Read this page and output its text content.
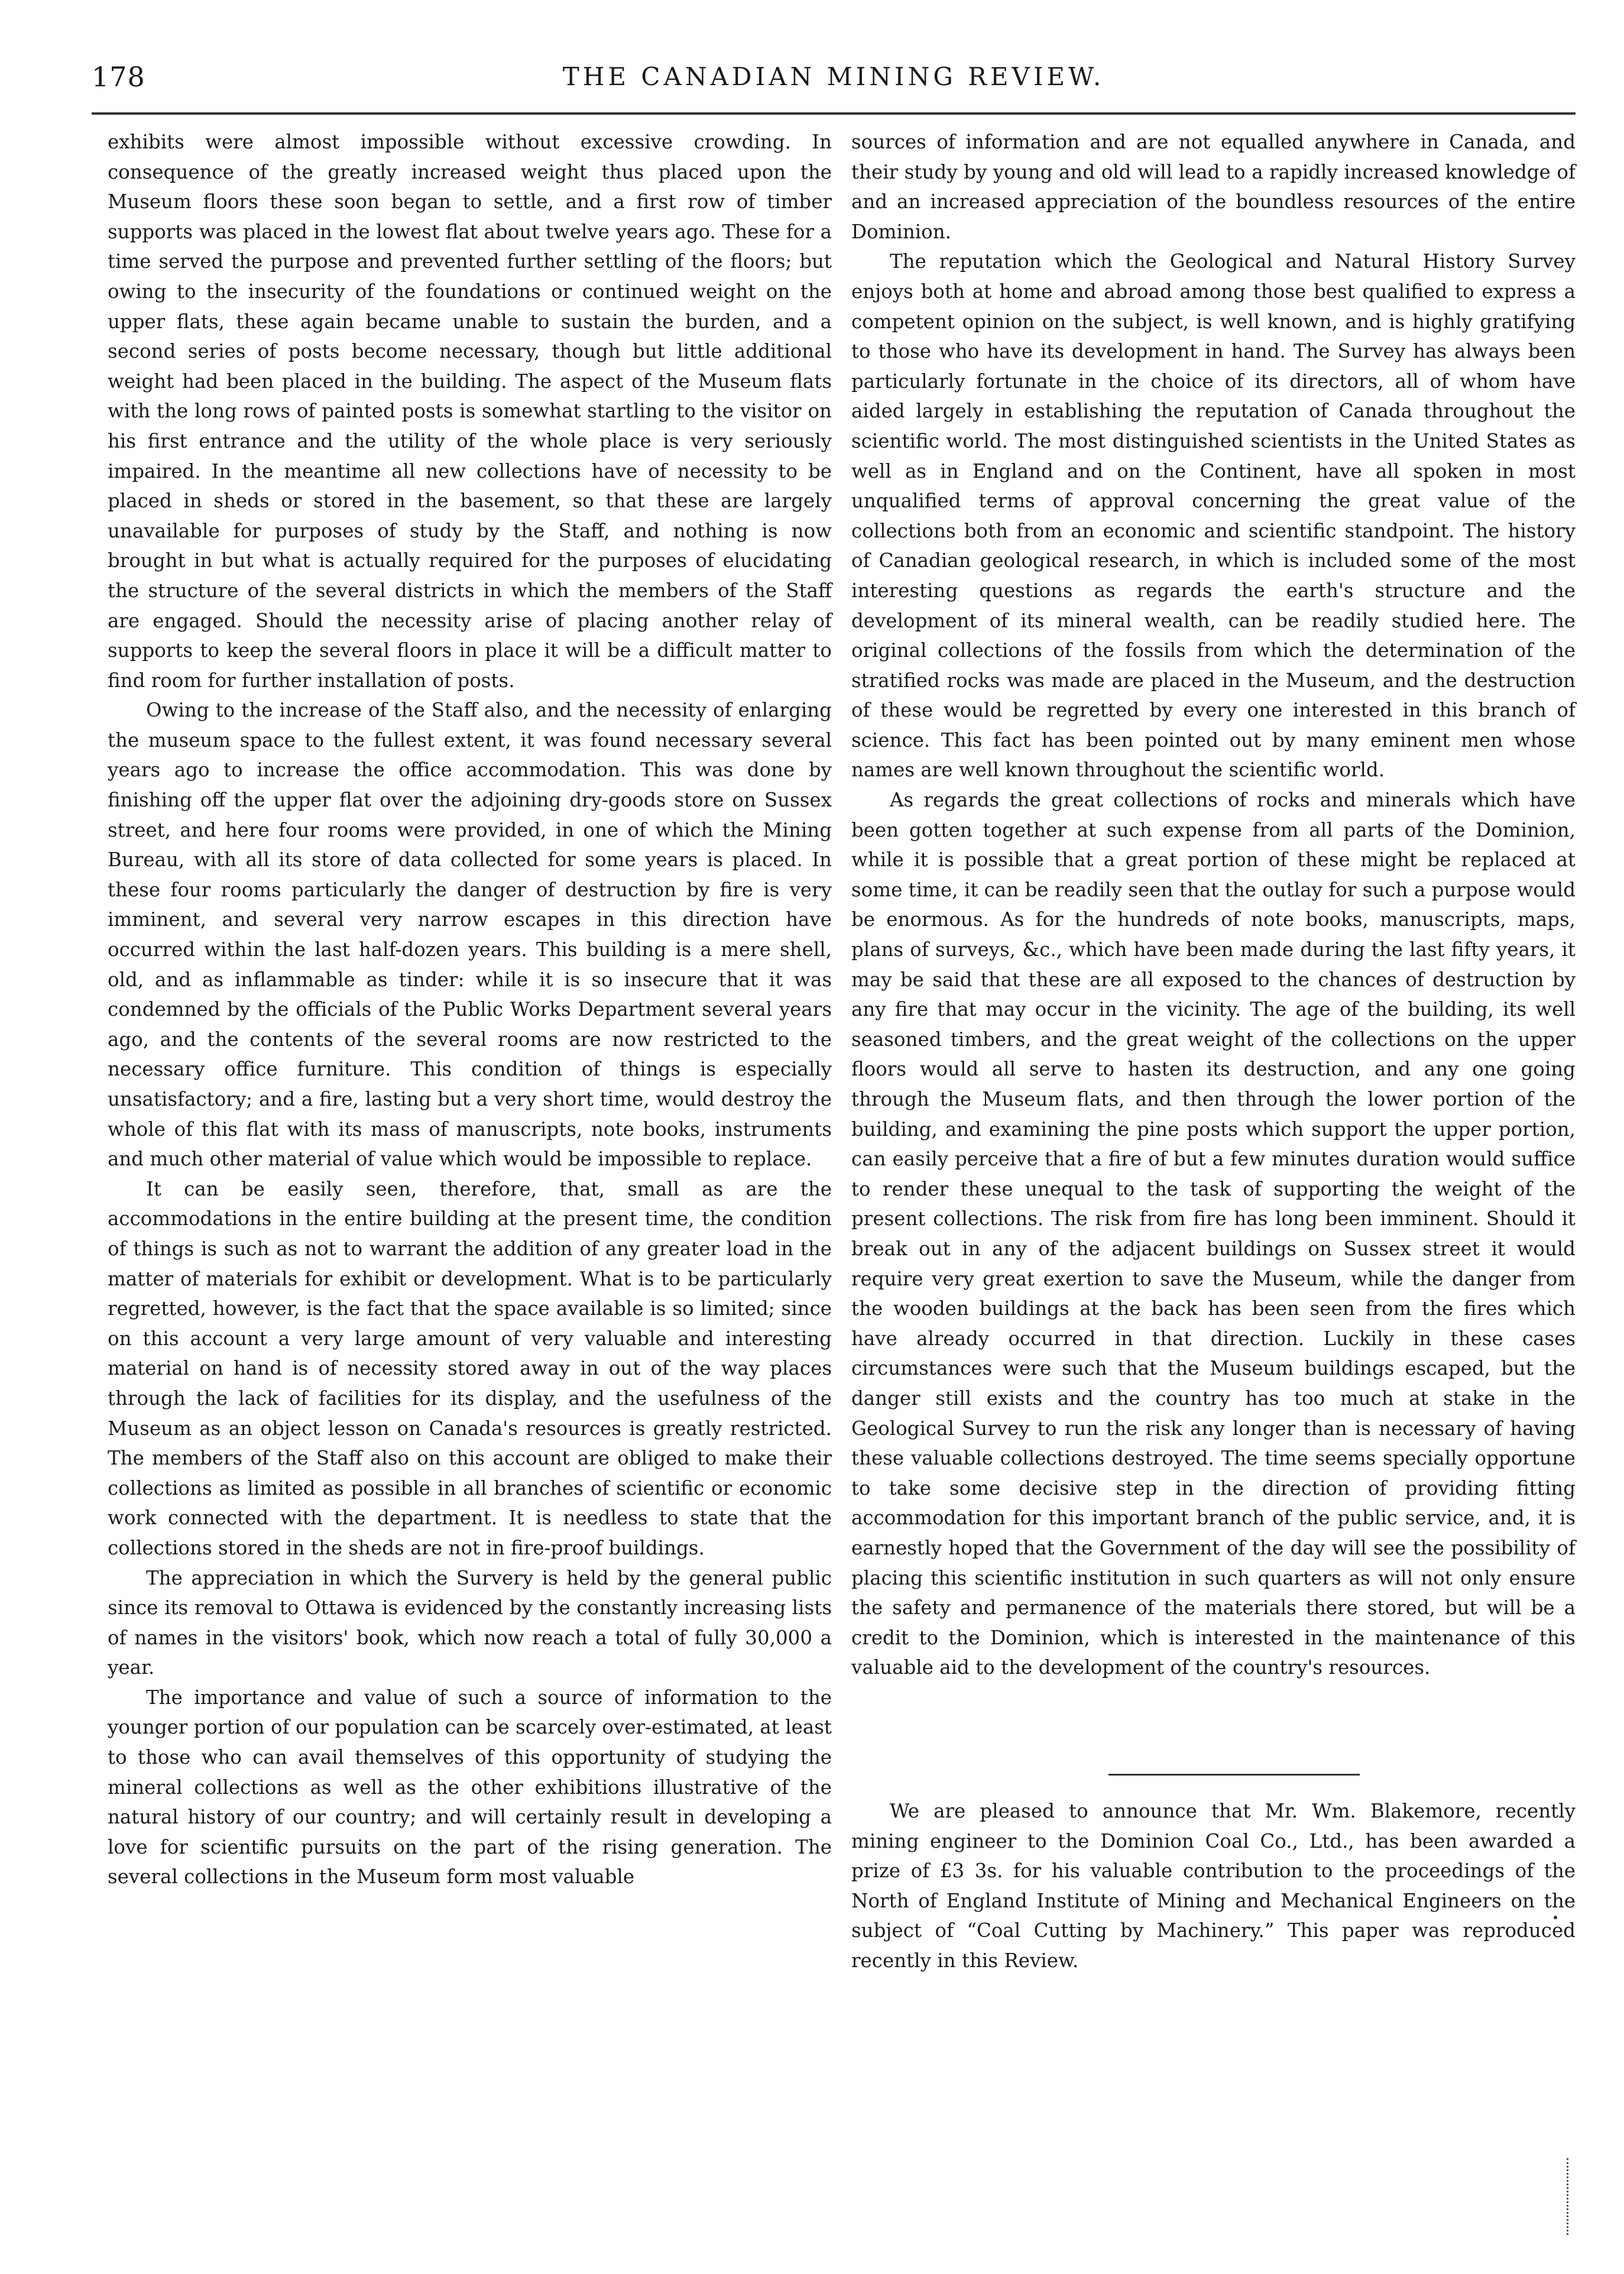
178	THE CANADIAN MINING REVIEW.

exhibits were almost impossible without excessive crowding. In consequence of the greatly increased weight thus placed upon the Museum floors these soon began to settle, and a first row of timber supports was placed in the lowest flat about twelve years ago. These for a time served the purpose and prevented further settling of the floors; but owing to the insecurity of the foundations or continued weight on the upper flats, these again became unable to sustain the burden, and a second series of posts become necessary, though but little additional weight had been placed in the building. The aspect of the Museum flats with the long rows of painted posts is somewhat startling to the visitor on his first entrance and the utility of the whole place is very seriously impaired. In the meantime all new collections have of necessity to be placed in sheds or stored in the basement, so that these are largely unavailable for purposes of study by the Staff, and nothing is now brought in but what is actually required for the purposes of elucidating the structure of the several districts in which the members of the Staff are engaged. Should the necessity arise of placing another relay of supports to keep the several floors in place it will be a difficult matter to find room for further installation of posts.

Owing to the increase of the Staff also, and the necessity of enlarging the museum space to the fullest extent, it was found necessary several years ago to increase the office accommodation. This was done by finishing off the upper flat over the adjoining dry-goods store on Sussex street, and here four rooms were provided, in one of which the Mining Bureau, with all its store of data collected for some years is placed. In these four rooms particularly the danger of destruction by fire is very imminent, and several very narrow escapes in this direction have occurred within the last half-dozen years. This building is a mere shell, old, and as inflammable as tinder: while it is so insecure that it was condemned by the officials of the Public Works Department several years ago, and the contents of the several rooms are now restricted to the necessary office furniture. This condition of things is especially unsatisfactory; and a fire, lasting but a very short time, would destroy the whole of this flat with its mass of manuscripts, note books, instruments and much other material of value which would be impossible to replace.

It can be easily seen, therefore, that, small as are the accommodations in the entire building at the present time, the condition of things is such as not to warrant the addition of any greater load in the matter of materials for exhibit or development. What is to be particularly regretted, however, is the fact that the space available is so limited; since on this account a very large amount of very valuable and interesting material on hand is of necessity stored away in out of the way places through the lack of facilities for its display, and the usefulness of the Museum as an object lesson on Canada's resources is greatly restricted. The members of the Staff also on this account are obliged to make their collections as limited as possible in all branches of scientific or economic work connected with the department. It is needless to state that the collections stored in the sheds are not in fire-proof buildings.

The appreciation in which the Survery is held by the general public since its removal to Ottawa is evidenced by the constantly increasing lists of names in the visitors' book, which now reach a total of fully 30,000 a year.

The importance and value of such a source of information to the younger portion of our population can be scarcely over-estimated, at least to those who can avail themselves of this opportunity of studying the mineral collections as well as the other exhibitions illustrative of the natural history of our country; and will certainly result in developing a love for scientific pursuits on the part of the rising generation. The several collections in the Museum form most valuable

sources of information and are not equalled anywhere in Canada, and their study by young and old will lead to a rapidly increased knowledge of and an increased appreciation of the boundless resources of the entire Dominion.

The reputation which the Geological and Natural History Survey enjoys both at home and abroad among those best qualified to express a competent opinion on the subject, is well known, and is highly gratifying to those who have its development in hand. The Survey has always been particularly fortunate in the choice of its directors, all of whom have aided largely in establishing the reputation of Canada throughout the scientific world. The most distinguished scientists in the United States as well as in England and on the Continent, have all spoken in most unqualified terms of approval concerning the great value of the collections both from an economic and scientific standpoint. The history of Canadian geological research, in which is included some of the most interesting questions as regards the earth's structure and the development of its mineral wealth, can be readily studied here. The original collections of the fossils from which the determination of the stratified rocks was made are placed in the Museum, and the destruction of these would be regretted by every one interested in this branch of science. This fact has been pointed out by many eminent men whose names are well known throughout the scientific world.

As regards the great collections of rocks and minerals which have been gotten together at such expense from all parts of the Dominion, while it is possible that a great portion of these might be replaced at some time, it can be readily seen that the outlay for such a purpose would be enormous. As for the hundreds of note books, manuscripts, maps, plans of surveys, &c., which have been made during the last fifty years, it may be said that these are all exposed to the chances of destruction by any fire that may occur in the vicinity. The age of the building, its well seasoned timbers, and the great weight of the collections on the upper floors would all serve to hasten its destruction, and any one going through the Museum flats, and then through the lower portion of the building, and examining the pine posts which support the upper portion, can easily perceive that a fire of but a few minutes duration would suffice to render these unequal to the task of supporting the weight of the present collections. The risk from fire has long been imminent. Should it break out in any of the adjacent buildings on Sussex street it would require very great exertion to save the Museum, while the danger from the wooden buildings at the back has been seen from the fires which have already occurred in that direction. Luckily in these cases circumstances were such that the Museum buildings escaped, but the danger still exists and the country has too much at stake in the Geological Survey to run the risk any longer than is necessary of having these valuable collections destroyed. The time seems specially opportune to take some decisive step in the direction of providing fitting accommodation for this important branch of the public service, and, it is earnestly hoped that the Government of the day will see the possibility of placing this scientific institution in such quarters as will not only ensure the safety and permanence of the materials there stored, but will be a credit to the Dominion, which is interested in the maintenance of this valuable aid to the development of the country's resources.

We are pleased to announce that Mr. Wm. Blakemore, recently mining engineer to the Dominion Coal Co., Ltd., has been awarded a prize of £3 3s. for his valuable contribution to the proceedings of the North of England Institute of Mining and Mechanical Engineers on the subject of “Coal Cutting by Machinery.” This paper was reproduced recently in this Review.
